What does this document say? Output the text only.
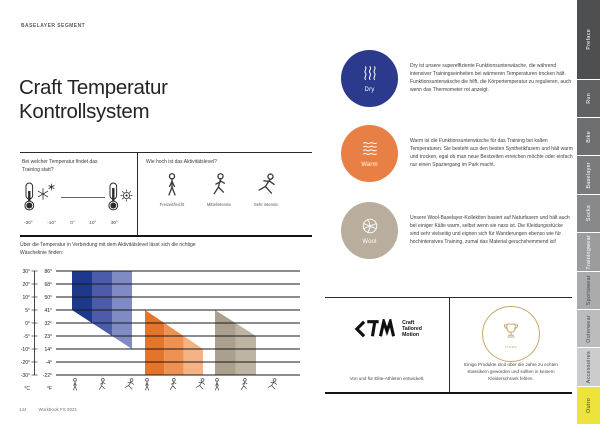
BASELAYER SEGMENT
Craft Temperatur
Kontrollsystem
Bei welcher Temperatur findet das Training statt?
-30°	-10°	0°	10°	30°
Wie hoch ist das Aktivitätslevel?
Freizeit/leicht	Mittelintensiv	Sehr intensiv
Über die Temperatur in Verbindung mit dem Aktivitätslevel lässt sich die richtige Wäschelinie finden:
30°	86°
20°	68°
10°	50°
5°	41°
0°	32°
-5°	23°
-10°	14°
-20°	-4°
-30°	-22°
°C	°F
144	Workbook FS 2021
Dry

Dry ist unsere supereffiziente Funktionsunterwäsche, die während intensiver Trainingseinheiten bei wärmeren Temperaturen trocken hält. Funktionsunterwäsche die hilft, die Körpertemperatur zu regulieren, auch wenn das Thermometer rot anzeigt.

Warm

Warm ist die Funktionsunterwäsche für das Training bei kalten Temperaturen. Sie besteht aus den besten Synthetikfasern und hält warm und trocken, egal ob man neue Bestzeiten erreichen möchte oder einfach nur einen Spaziergang im Park macht.

Wool

Unsere Wool-Baselayer-Kollektion basiert auf Naturfasern und hält auch bei einiger Kälte warm, selbst wenn sie nass ist. Die Kleidungsstücke sind sehr vielseitig und eignen sich für Wanderungen ebenso wie für hochintensives Training, zumal das Material geruchshemmend ist!

Craft
Tailored
Motion
Von und für Elite-Athleten entwickelt.
Icons
Einige Produkte sind über die Jahre zu echten Klassikern geworden und sollten in keinem Kleiderschrank fehlen.
Preface
Run
Bike
Baselayer
Socks
Trainingwear
Sportswear
Outerwear
Accessoires
Outro
